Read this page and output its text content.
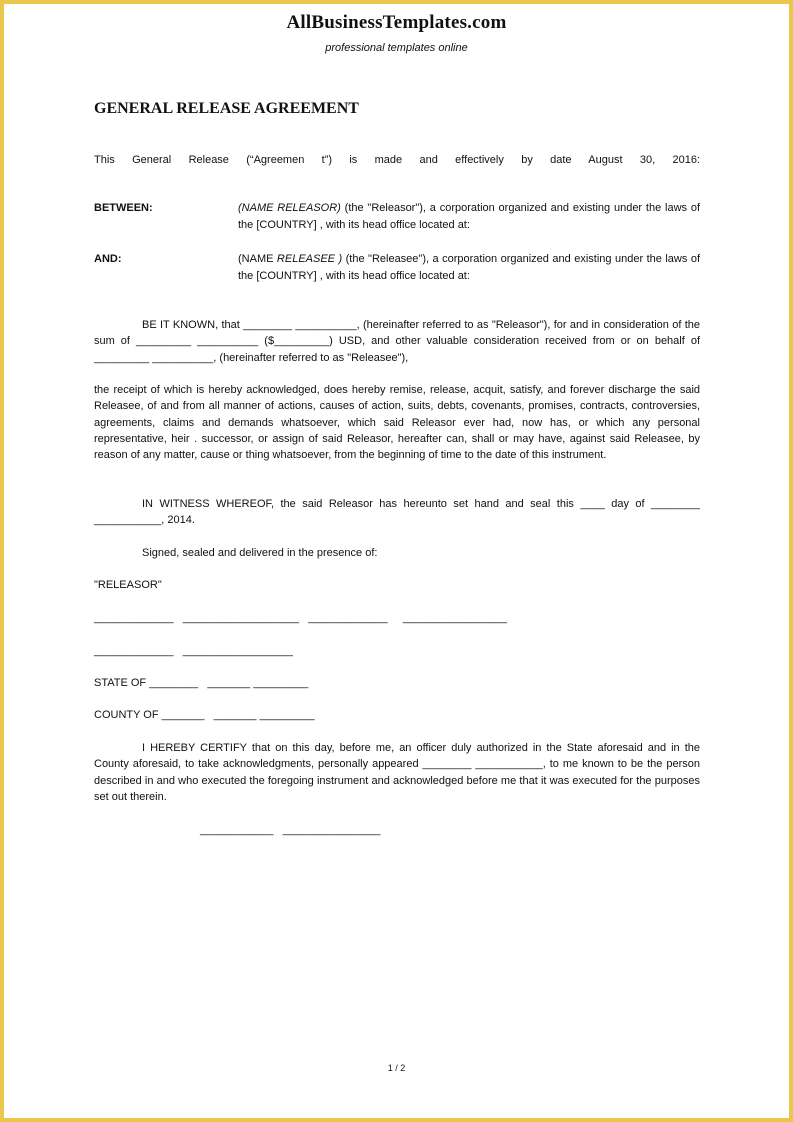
AllBusinessTemplates.com
professional templates online
GENERAL RELEASE AGREEMENT
This General Release (“Agreemen t”) is made and effectively by date August 30, 2016:
BETWEEN:	(NAME RELEASOR) (the "Releasor"), a corporation organized and existing under the laws of the [COUNTRY] , with its head office located at:
AND:	(NAME RELEASEE ) (the "Releasee"), a corporation organized and existing under the laws of the [COUNTRY] , with its head office located at:
BE IT KNOWN, that ________ __________, (hereinafter referred to as "Releasor"), for and in consideration of the sum of _________ __________ ($_________) USD, and other valuable consideration received from or on behalf of _________ __________, (hereinafter referred to as "Releasee"),
the receipt of which is hereby acknowledged, does hereby remise, release, acquit, satisfy, and forever discharge the said Releasee, of and from all manner of actions, causes of action, suits, debts, covenants, promises, contracts, controversies, agreements, claims and demands whatsoever, which said Releasor ever had, now has, or which any personal representative, heir . successor, or assign of said Releasor, hereafter can, shall or may have, against said Releasee, by reason of any matter, cause or thing whatsoever, from the beginning of time to the date of this instrument.
IN WITNESS WHEREOF, the said Releasor has hereunto set hand and seal this ____ day of ________ ___________, 2014.
Signed, sealed and delivered in the presence of:
"RELEASOR"
_____________   ___________________   _____________     _________________
_____________   __________________
STATE OF ________   _______ _________
COUNTY OF _______   _______ _________
I HEREBY CERTIFY that on this day, before me, an officer duly authorized in the State aforesaid and in the County aforesaid, to take acknowledgments, personally appeared ________ ___________, to me known to be the person described in and who executed the foregoing instrument and acknowledged before me that it was executed for the purposes set out therein.
____________   ________________
1 / 2
